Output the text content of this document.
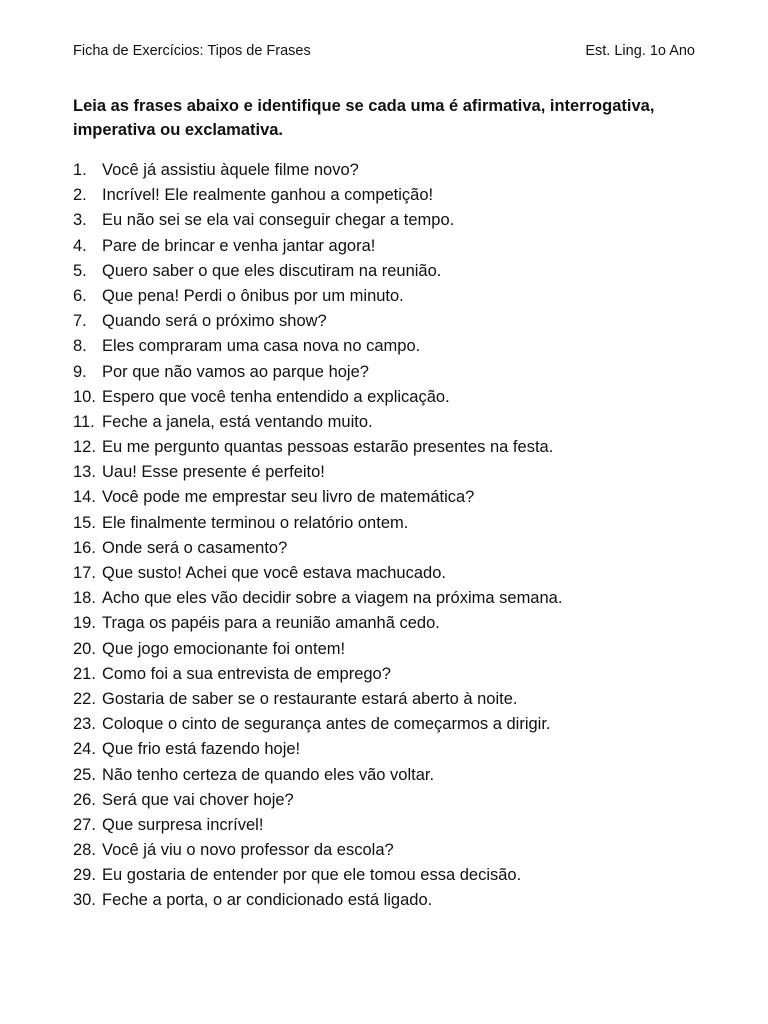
Ficha de Exercícios: Tipos de Frases	Est. Ling. 1o Ano
Leia as frases abaixo e identifique se cada uma é afirmativa, interrogativa, imperativa ou exclamativa.
1. Você já assistiu àquele filme novo?
2. Incrível! Ele realmente ganhou a competição!
3. Eu não sei se ela vai conseguir chegar a tempo.
4. Pare de brincar e venha jantar agora!
5. Quero saber o que eles discutiram na reunião.
6. Que pena! Perdi o ônibus por um minuto.
7. Quando será o próximo show?
8. Eles compraram uma casa nova no campo.
9. Por que não vamos ao parque hoje?
10. Espero que você tenha entendido a explicação.
11. Feche a janela, está ventando muito.
12. Eu me pergunto quantas pessoas estarão presentes na festa.
13. Uau! Esse presente é perfeito!
14. Você pode me emprestar seu livro de matemática?
15. Ele finalmente terminou o relatório ontem.
16. Onde será o casamento?
17. Que susto! Achei que você estava machucado.
18. Acho que eles vão decidir sobre a viagem na próxima semana.
19. Traga os papéis para a reunião amanhã cedo.
20. Que jogo emocionante foi ontem!
21. Como foi a sua entrevista de emprego?
22. Gostaria de saber se o restaurante estará aberto à noite.
23. Coloque o cinto de segurança antes de começarmos a dirigir.
24. Que frio está fazendo hoje!
25. Não tenho certeza de quando eles vão voltar.
26. Será que vai chover hoje?
27. Que surpresa incrível!
28. Você já viu o novo professor da escola?
29. Eu gostaria de entender por que ele tomou essa decisão.
30. Feche a porta, o ar condicionado está ligado.
